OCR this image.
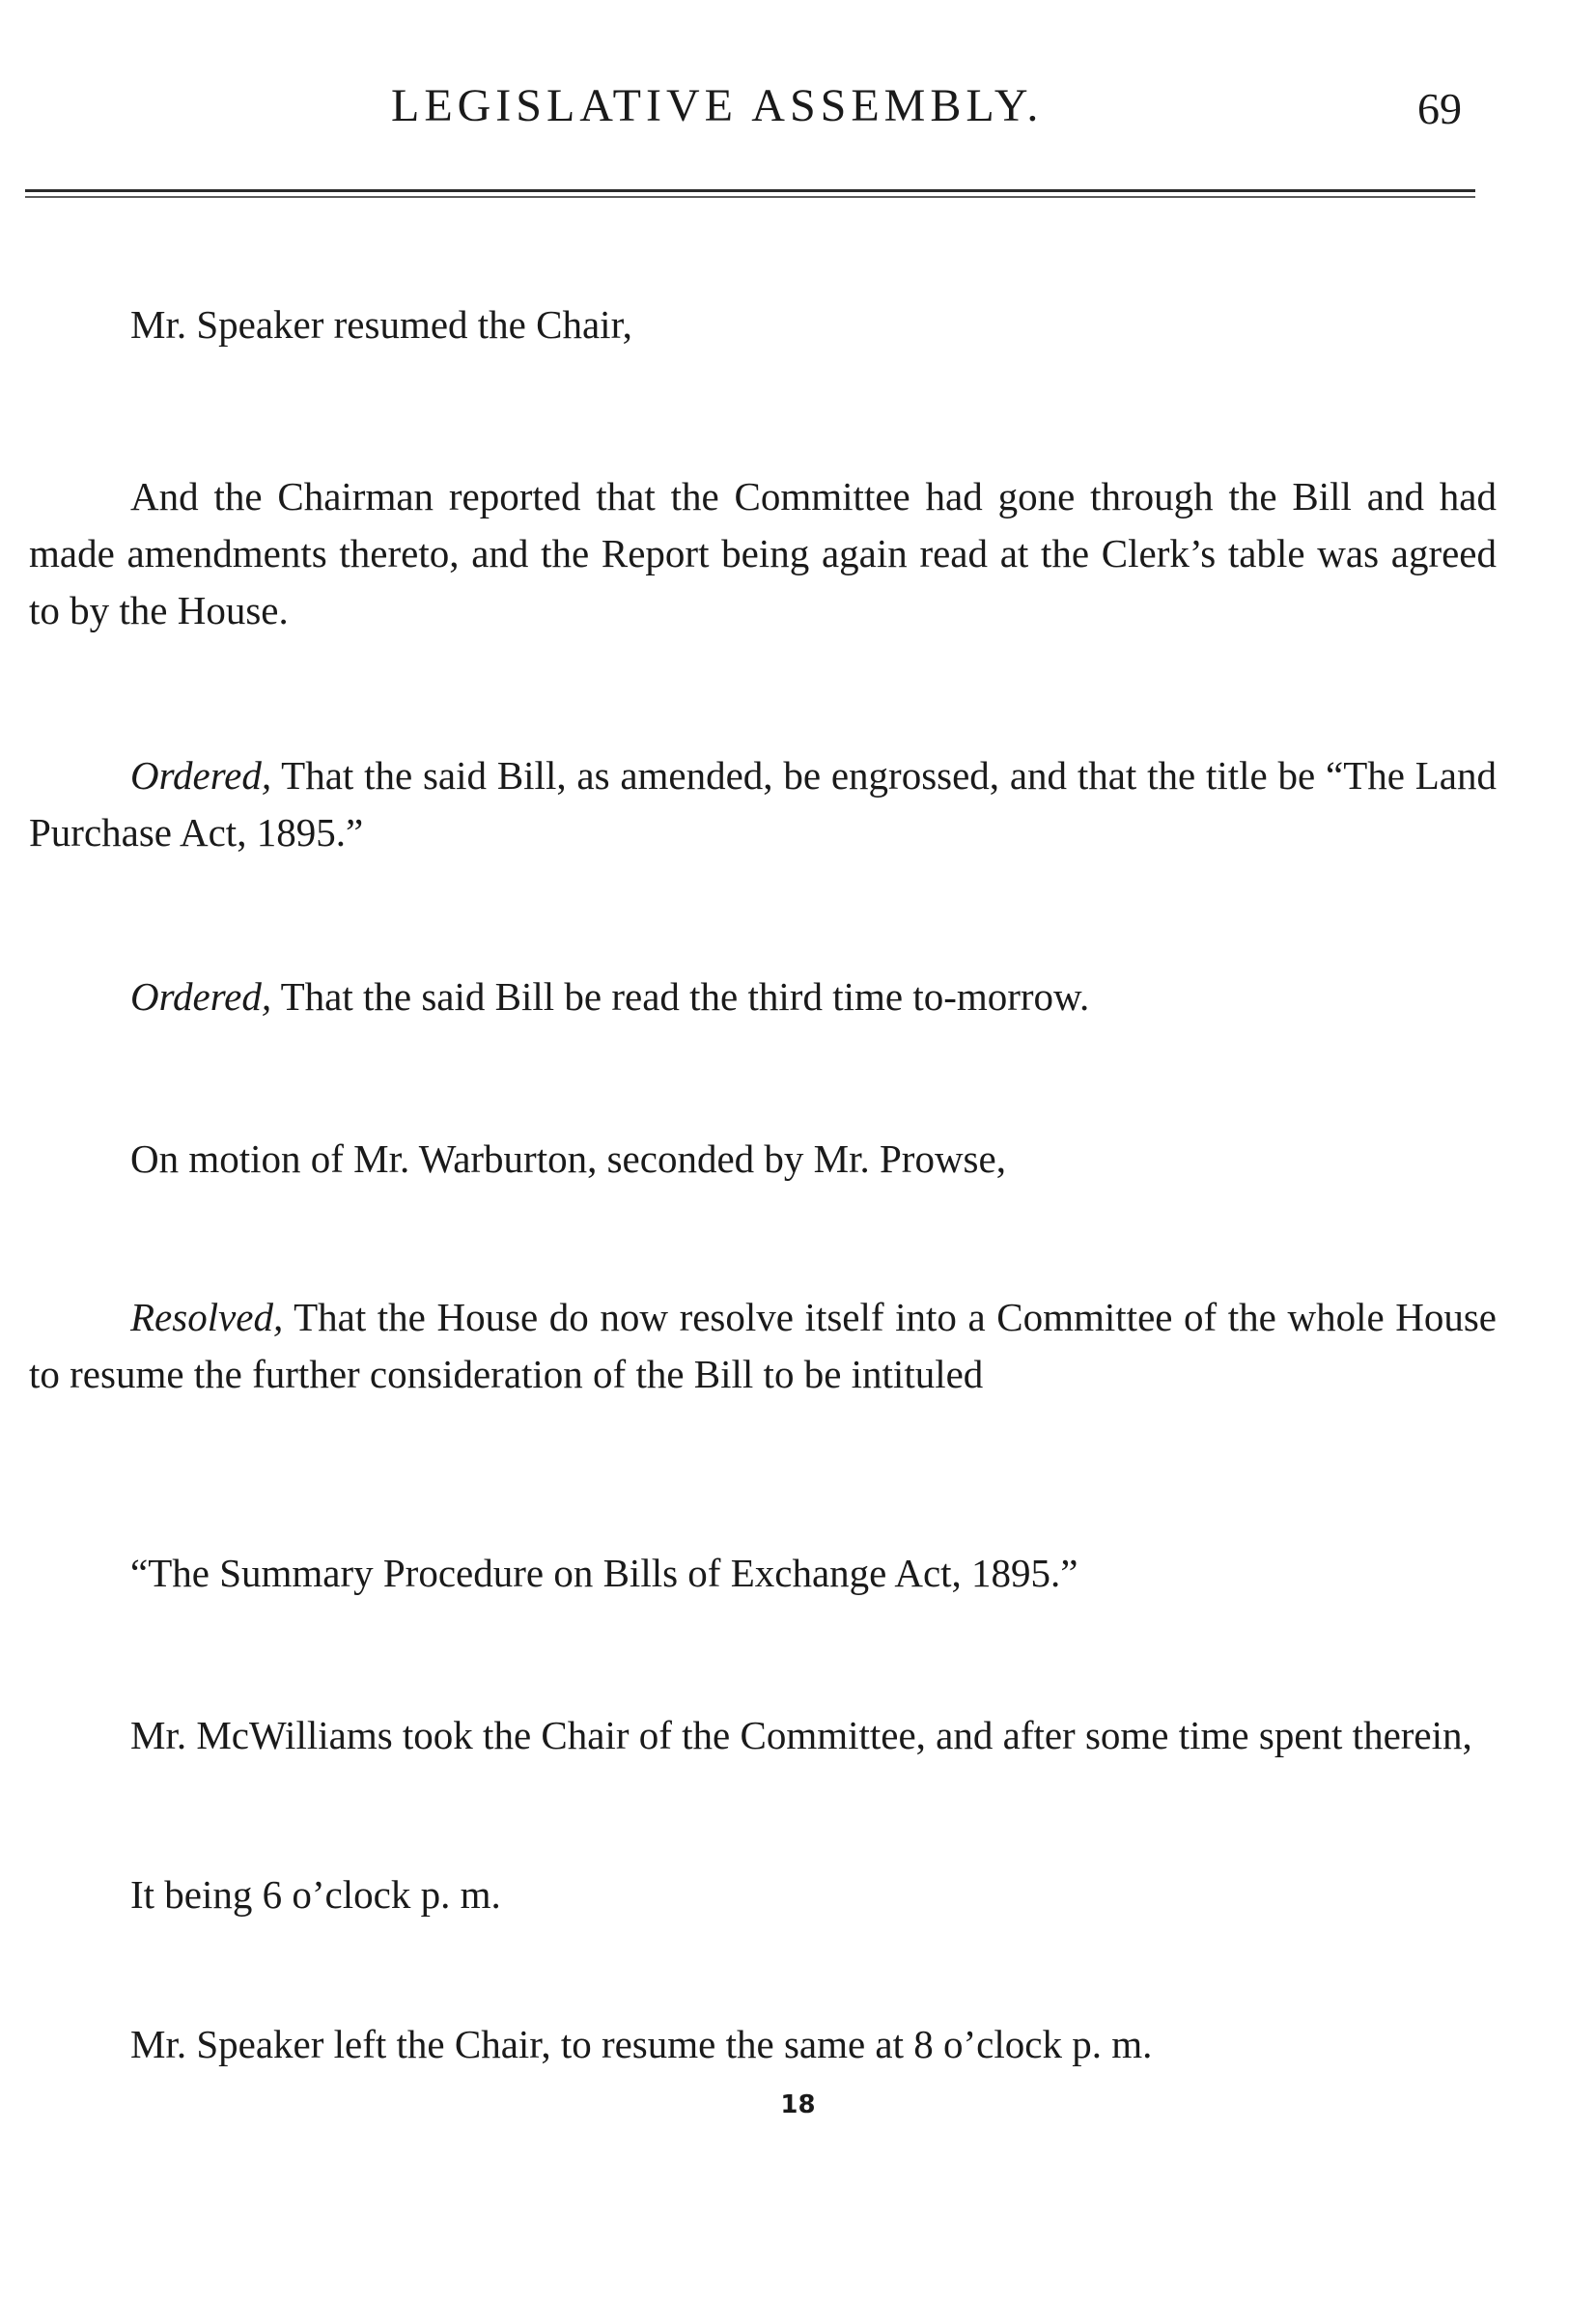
LEGISLATIVE ASSEMBLY.	69

Mr. Speaker resumed the Chair,

And the Chairman reported that the Committee had gone through the Bill and had made amendments thereto, and the Report being again read at the Clerk’s table was agreed to by the House.

Ordered, That the said Bill, as amended, be engrossed, and that the title be “The Land Purchase Act, 1895.”

Ordered, That the said Bill be read the third time to-morrow.

On motion of Mr. Warburton, seconded by Mr. Prowse,

Resolved, That the House do now resolve itself into a Committee of the whole House to resume the further consideration of the Bill to be intituled

“The Summary Procedure on Bills of Exchange Act, 1895.”

Mr. McWilliams took the Chair of the Committee, and after some time spent therein,

It being 6 o’clock p. m.

Mr. Speaker left the Chair, to resume the same at 8 o’clock p. m.

18
